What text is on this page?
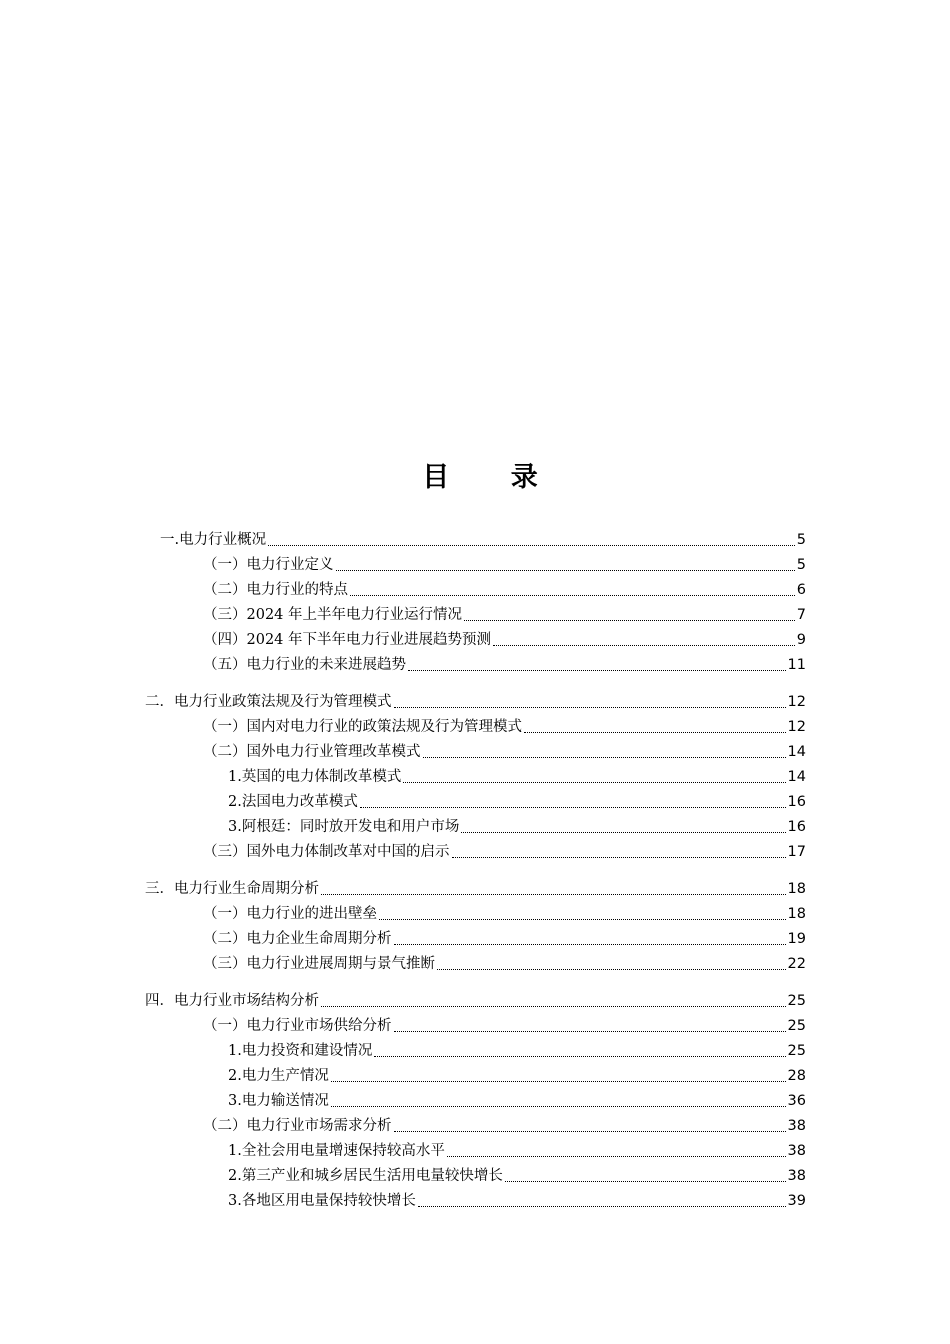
目 录
一.电力行业概况	5
（一）电力行业定义	5
（二）电力行业的特点	6
（三）2024 年上半年电力行业运行情况	7
（四）2024 年下半年电力行业进展趋势预测	9
（五）电力行业的未来进展趋势	11
二．电力行业政策法规及行为管理模式	12
（一）国内对电力行业的政策法规及行为管理模式	12
（二）国外电力行业管理改革模式	14
1.英国的电力体制改革模式	14
2.法国电力改革模式	16
3.阿根廷：同时放开发电和用户市场	16
（三）国外电力体制改革对中国的启示	17
三．电力行业生命周期分析	18
（一）电力行业的进出壁垒	18
（二）电力企业生命周期分析	19
（三）电力行业进展周期与景气推断	22
四．电力行业市场结构分析	25
（一）电力行业市场供给分析	25
1.电力投资和建设情况	25
2.电力生产情况	28
3.电力输送情况	36
（二）电力行业市场需求分析	38
1.全社会用电量增速保持较高水平	38
2.第三产业和城乡居民生活用电量较快增长	38
3.各地区用电量保持较快增长	39
